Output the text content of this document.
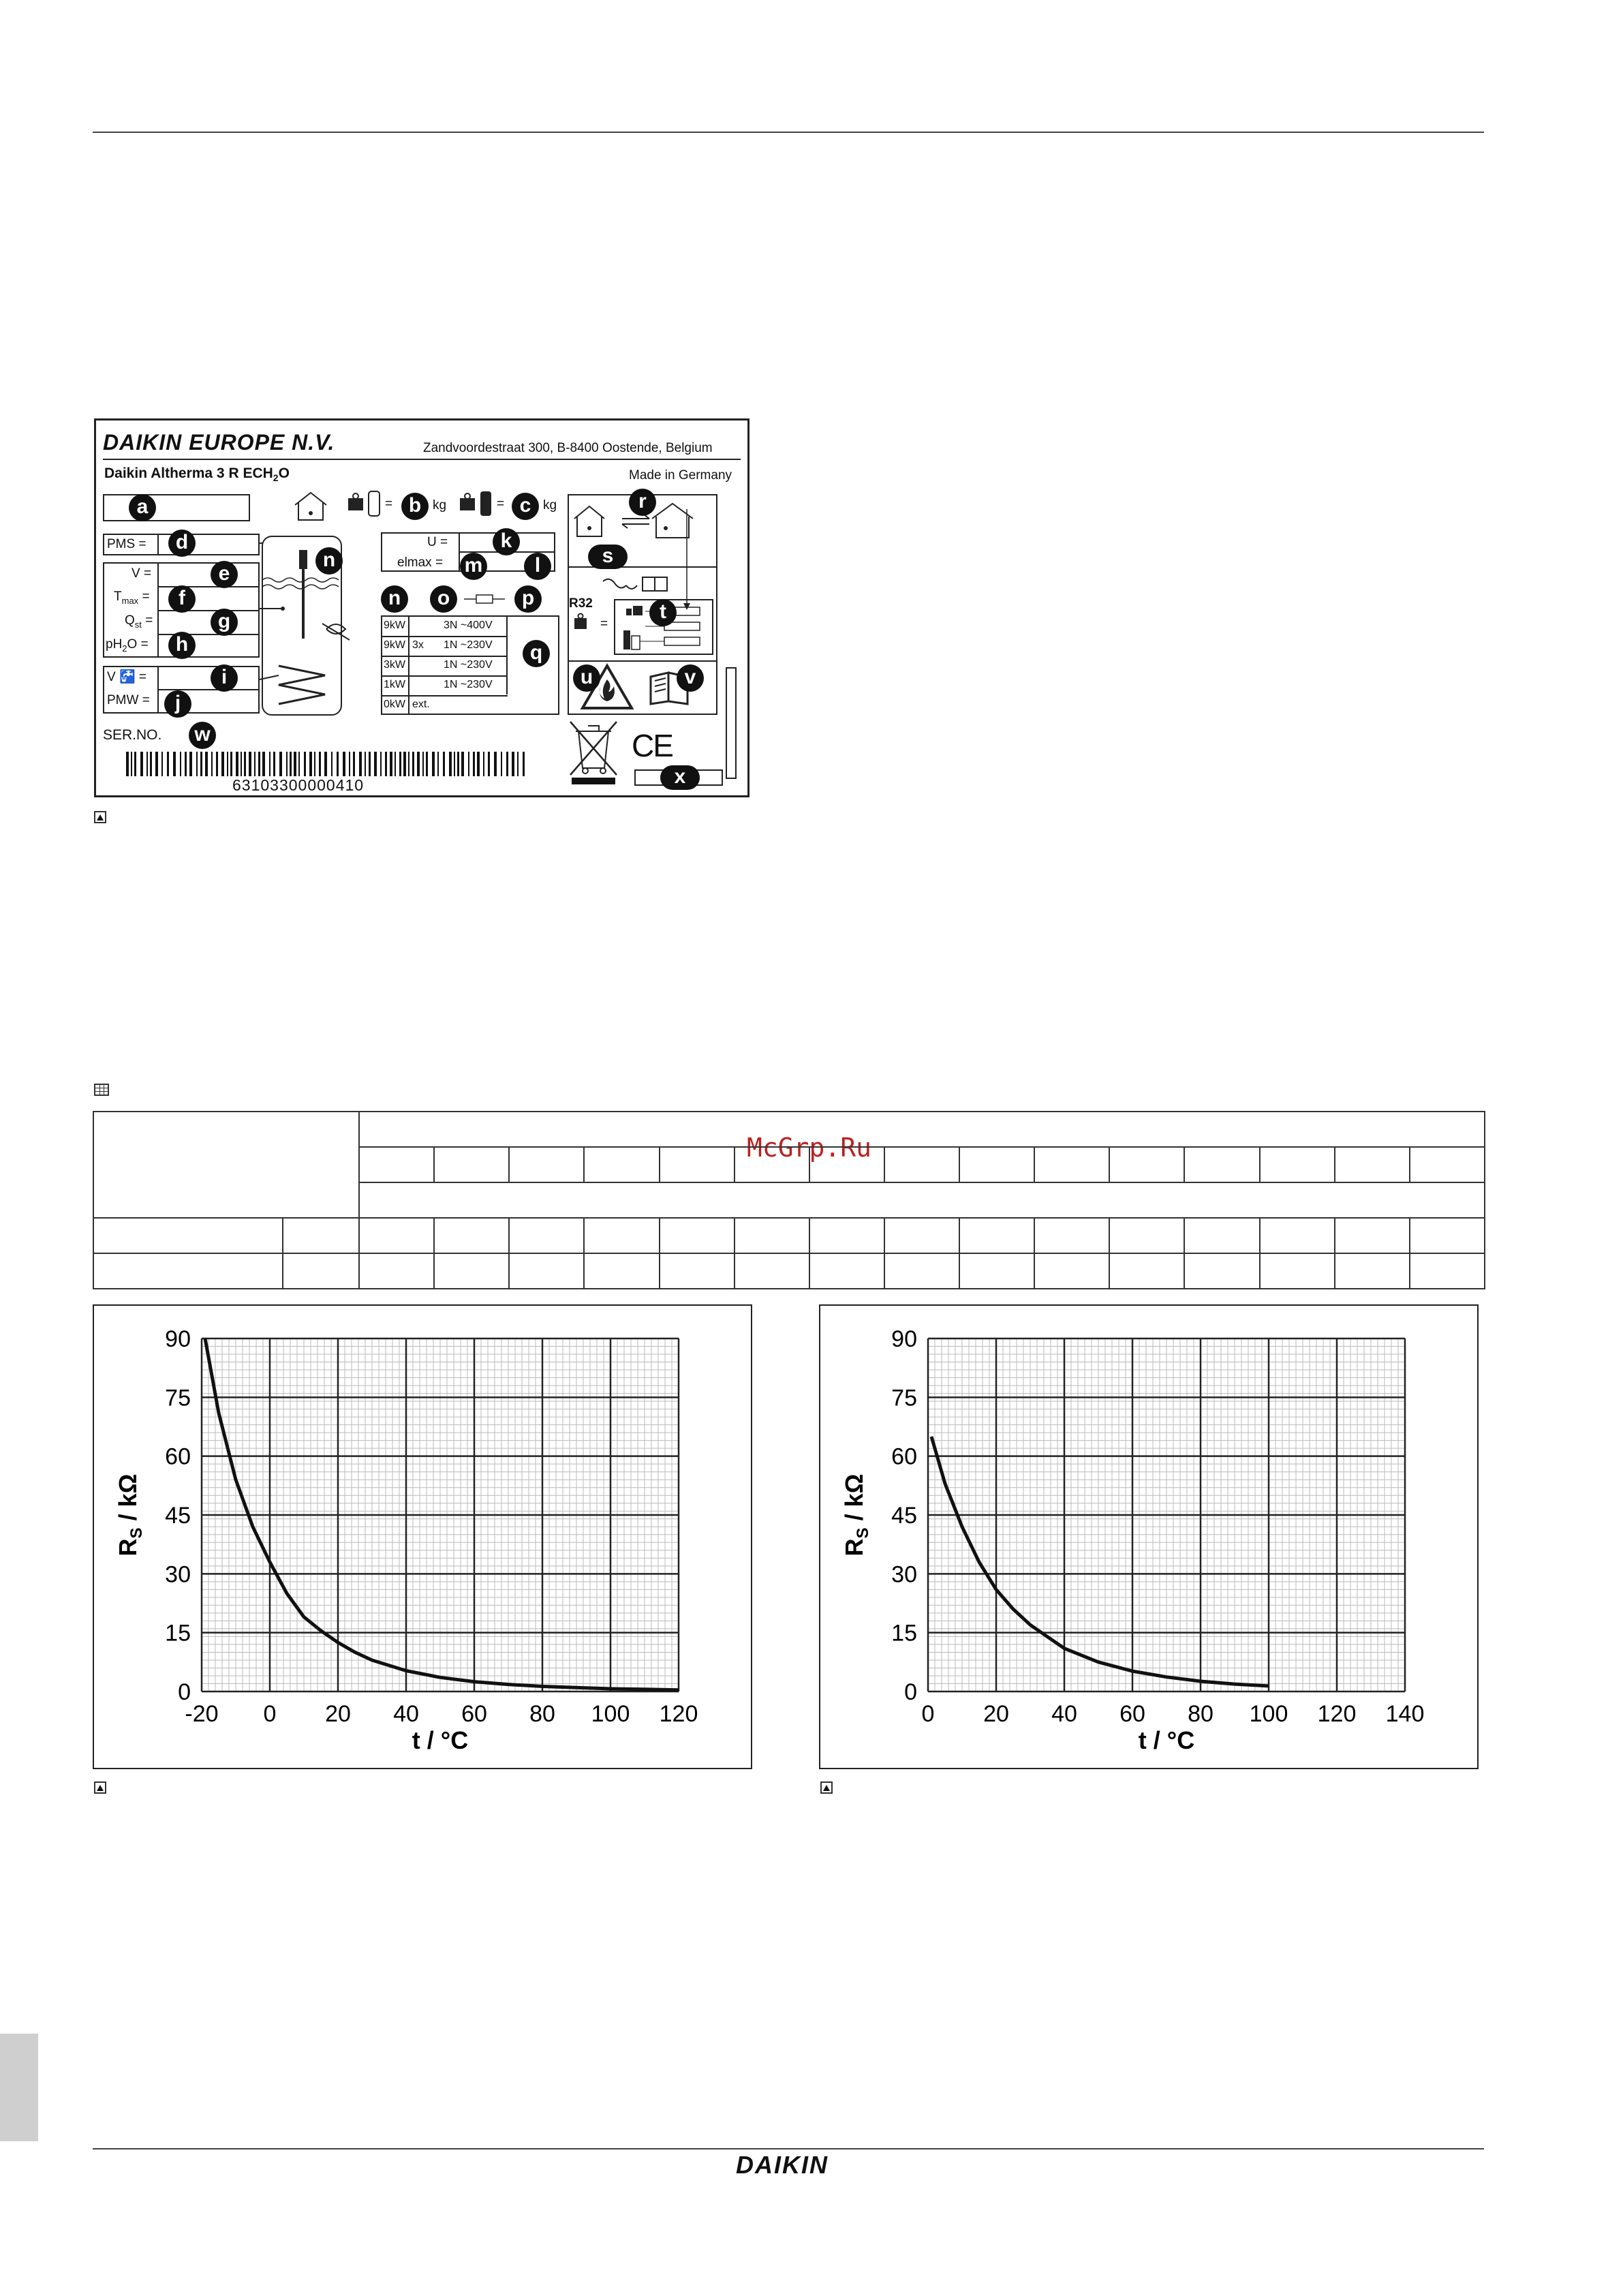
DAIKIN EUROPE N.V.	Zandvoordestraat 300, B-8400 Oostende, Belgium
Daikin Altherma 3 R $ECH_2O$	Made in Germany
a	= b kg	= c kg
PMS =	d
V =
$T_{max}$ =
$Q_{st}$ =
$pH_2O$ =
e
f
g
h
V 🚰 =
PMW =
i
j
n
U =
elmax =
k
m	l
n	o	p
q
r
s
R32
=
t
u	v
SER.NO. w
63103300000410
CE
x
9kW	3N ~400V
9kW 3x 1N ~230V
3kW	1N ~230V
1kW	1N ~230V
0kW ext.
McGrp.Ru
-20 0 20 40 60 80 100 120
0
15
30
45
60
75
90
t / °C
$R_S$ / kΩ
0 20 40 60 80 100 120 140
0
15
30
45
60
75
90
t / °C
$R_S$ / kΩ
DAIKIN
